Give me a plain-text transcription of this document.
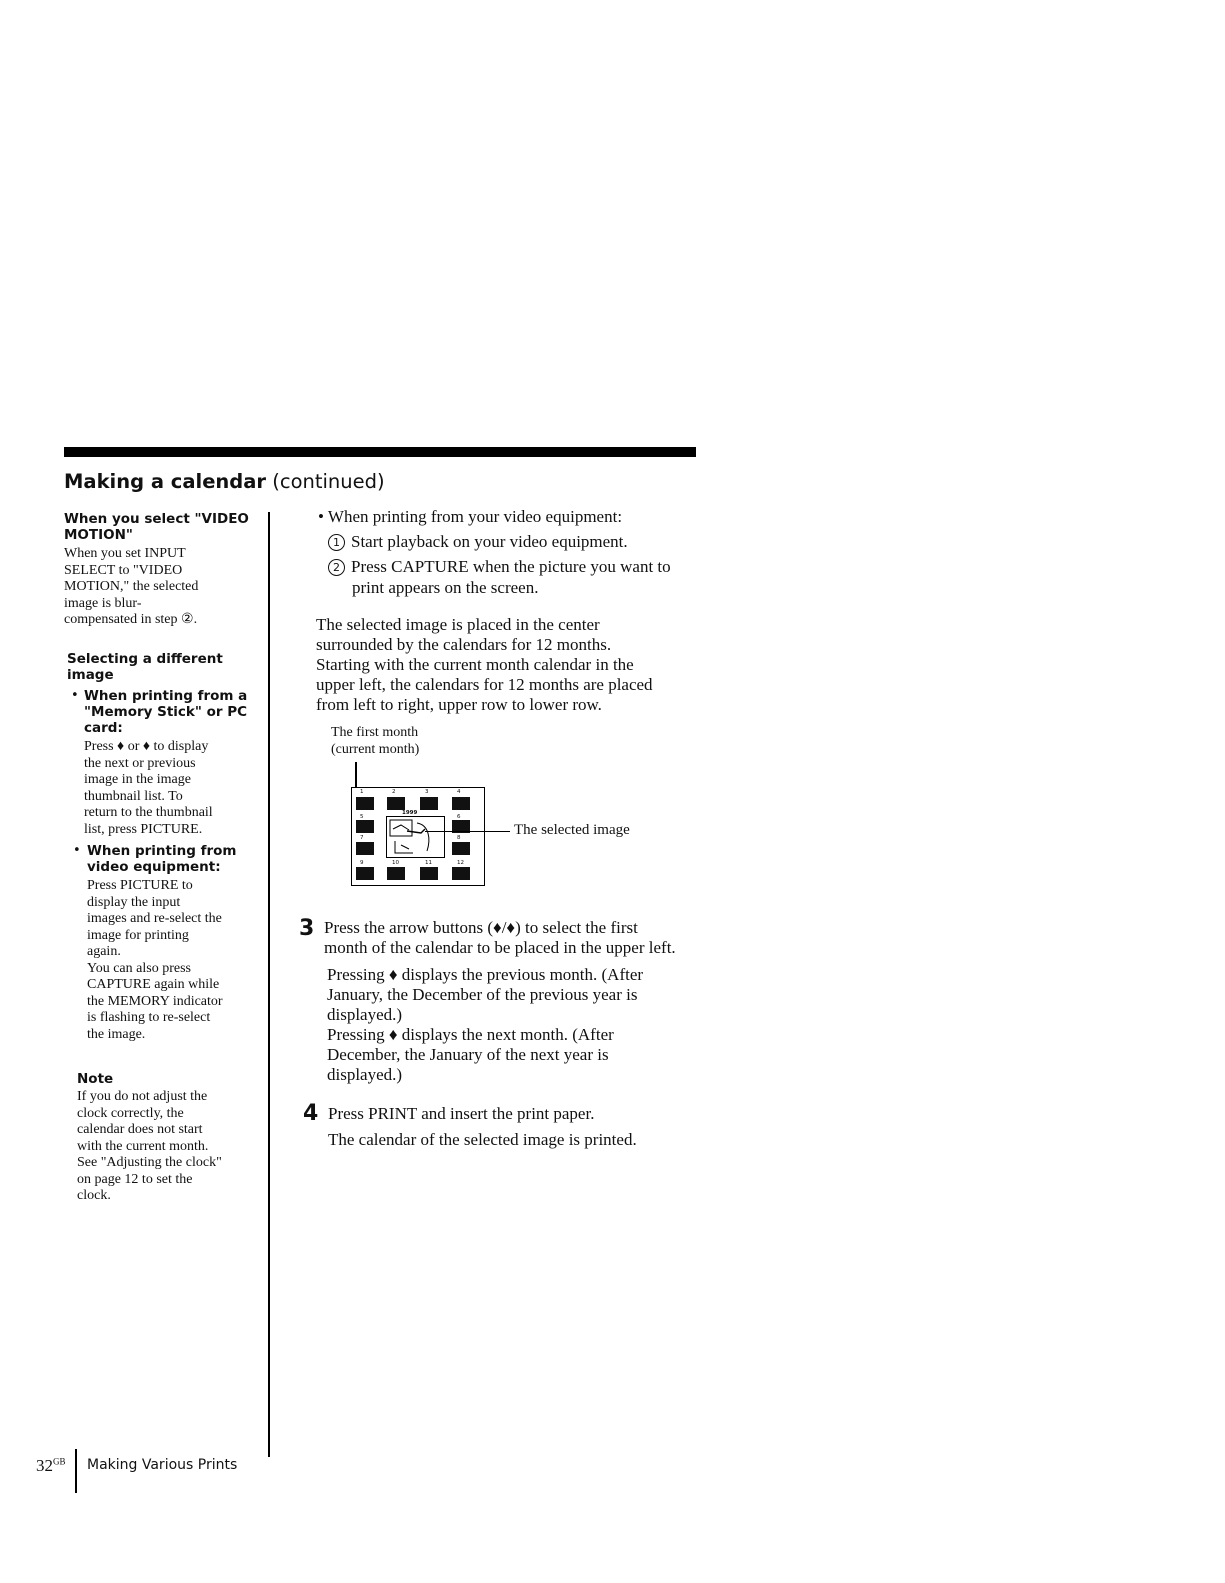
Making a calendar (continued)
When you select "VIDEO
MOTION"
When you set INPUT
SELECT to "VIDEO
MOTION," the selected
image is blur-
compensated in step ②.
Selecting a different
image
• When printing from a
"Memory Stick" or PC
card:
Press ♦ or ♦ to display
the next or previous
image in the image
thumbnail list. To
return to the thumbnail
list, press PICTURE.
• When printing from
video equipment:
Press PICTURE to
display the input
images and re-select the
image for printing
again.
You can also press
CAPTURE again while
the MEMORY indicator
is flashing to re-select
the image.
Note
If you do not adjust the
clock correctly, the
calendar does not start
with the current month.
See "Adjusting the clock"
on page 12 to set the
clock.
• When printing from your video equipment:
1 Start playback on your video equipment.
2 Press CAPTURE when the picture you want to
print appears on the screen.
The selected image is placed in the center
surrounded by the calendars for 12 months.
Starting with the current month calendar in the
upper left, the calendars for 12 months are placed
from left to right, upper row to lower row.
The first month
(current month)
1	2	3	4
5	6
7	8
9	10	11	12
1999
The selected image
3 Press the arrow buttons (♦/♦) to select the first
month of the calendar to be placed in the upper left.
Pressing ♦ displays the previous month. (After
January, the December of the previous year is
displayed.)
Pressing ♦ displays the next month. (After
December, the January of the next year is
displayed.)
4 Press PRINT and insert the print paper.
The calendar of the selected image is printed.
$32^{GB}$ Making Various Prints
